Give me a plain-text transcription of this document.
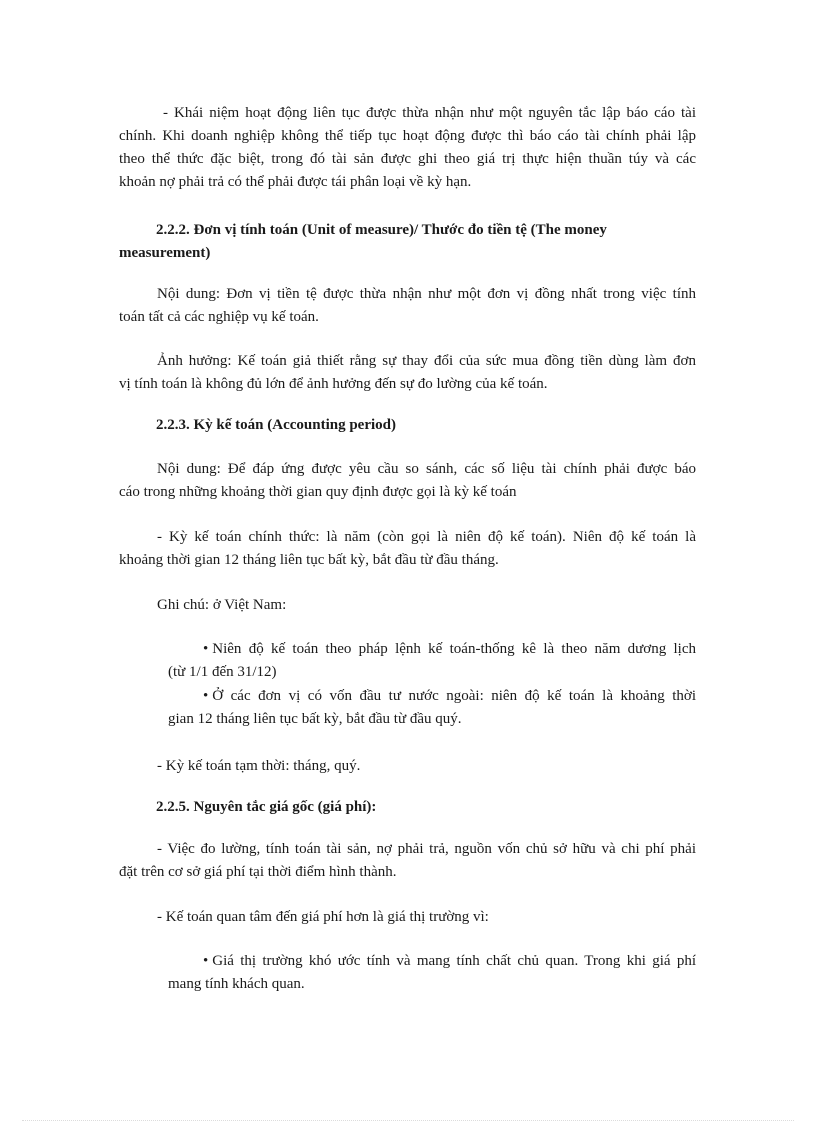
- Khái niệm hoạt động liên tục được thừa nhận như một nguyên tắc lập báo cáo tài
chính. Khi doanh nghiệp không thể tiếp tục hoạt động được thì báo cáo tài chính phải lập
theo thể thức đặc biệt, trong đó tài sản được ghi theo giá trị thực hiện thuần túy và các
khoản nợ phải trả có thể phải được tái phân loại về kỳ hạn.
2.2.2. Đơn vị tính toán (Unit of measure)/ Thước đo tiền tệ (The money
measurement)
Nội dung: Đơn vị tiền tệ được thừa nhận như một đơn vị đồng nhất trong việc tính
toán tất cả các nghiệp vụ kế toán.
Ảnh hưởng: Kế toán giả thiết rằng sự thay đổi của sức mua đồng tiền dùng làm đơn
vị tính toán là không đủ lớn để ảnh hưởng đến sự đo lường của kế toán.
2.2.3. Kỳ kế toán (Accounting period)
Nội dung: Để đáp ứng được yêu cầu so sánh, các số liệu tài chính phải được báo
cáo trong những khoảng thời gian quy định được gọi là kỳ kế toán
- Kỳ kế toán chính thức: là năm (còn gọi là niên độ kế toán). Niên độ kế toán là
khoảng thời gian 12 tháng liên tục bất kỳ, bắt đầu từ đầu tháng.
Ghi chú: ở Việt Nam:
• Niên độ kế toán theo pháp lệnh kế toán-thống kê là theo năm dương lịch
(từ 1/1 đến 31/12)
• Ở các đơn vị có vốn đầu tư nước ngoài: niên độ kế toán là khoảng thời
gian 12 tháng liên tục bất kỳ, bắt đầu từ đầu quý.
- Kỳ kế toán tạm thời: tháng, quý.
2.2.5. Nguyên tắc giá gốc (giá phí):
- Việc đo lường, tính toán tài sản, nợ phải trả, nguồn vốn chủ sở hữu và chi phí phải
đặt trên cơ sở giá phí tại thời điểm hình thành.
- Kế toán quan tâm đến giá phí hơn là giá thị trường vì:
• Giá thị trường khó ước tính và mang tính chất chủ quan. Trong khi giá phí
mang tính khách quan.
